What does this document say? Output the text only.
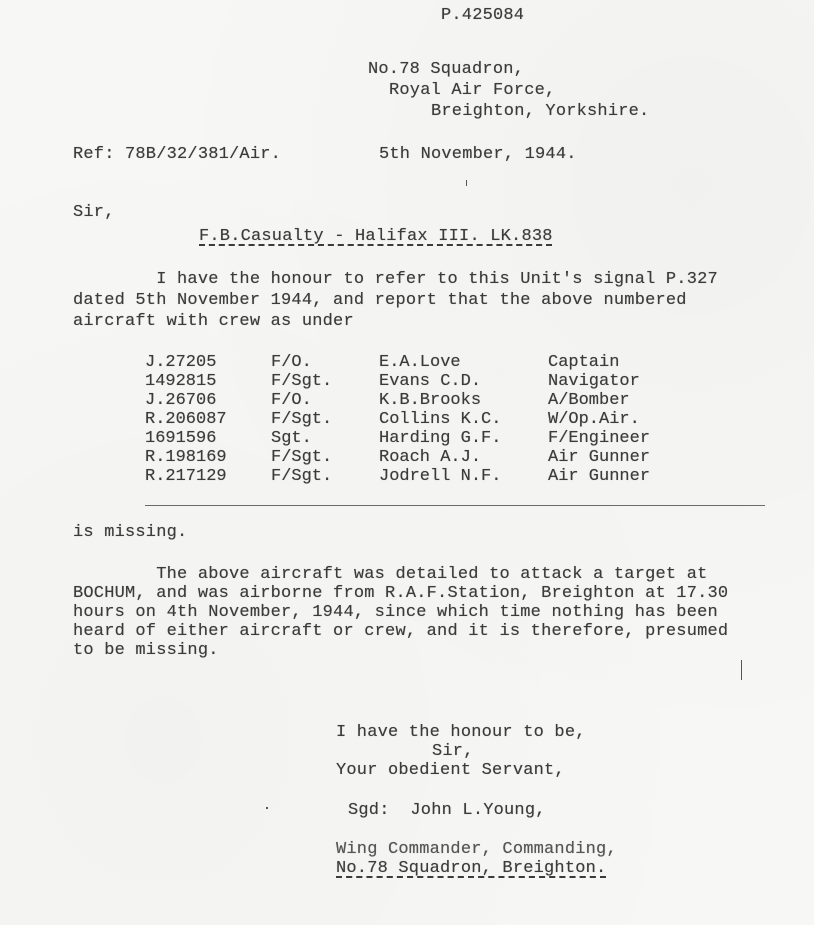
P.425084
No.78 Squadron,
Royal Air Force,
Breighton, Yorkshire.
Ref: 78B/32/381/Air.	5th November, 1944.
Sir,
F.B.Casualty - Halifax III. LK.838
I have the honour to refer to this Unit's signal P.327
dated 5th November 1944, and report that the above numbered
aircraft with crew as under
J.27205	F/O.	E.A.Love	Captain
1492815	F/Sgt.	Evans C.D.	Navigator
J.26706	F/O.	K.B.Brooks	A/Bomber
R.206087	F/Sgt.	Collins K.C.	W/Op.Air.
1691596	Sgt.	Harding G.F.	F/Engineer
R.198169	F/Sgt.	Roach A.J.	Air Gunner
R.217129	F/Sgt.	Jodrell N.F.	Air Gunner
is missing.
The above aircraft was detailed to attack a target at
BOCHUM, and was airborne from R.A.F.Station, Breighton at 17.30
hours on 4th November, 1944, since which time nothing has been
heard of either aircraft or crew, and it is therefore, presumed
to be missing.
I have the honour to be,
Sir,
Your obedient Servant,
Sgd:  John L.Young,
Wing Commander, Commanding,
No.78 Squadron, Breighton.
